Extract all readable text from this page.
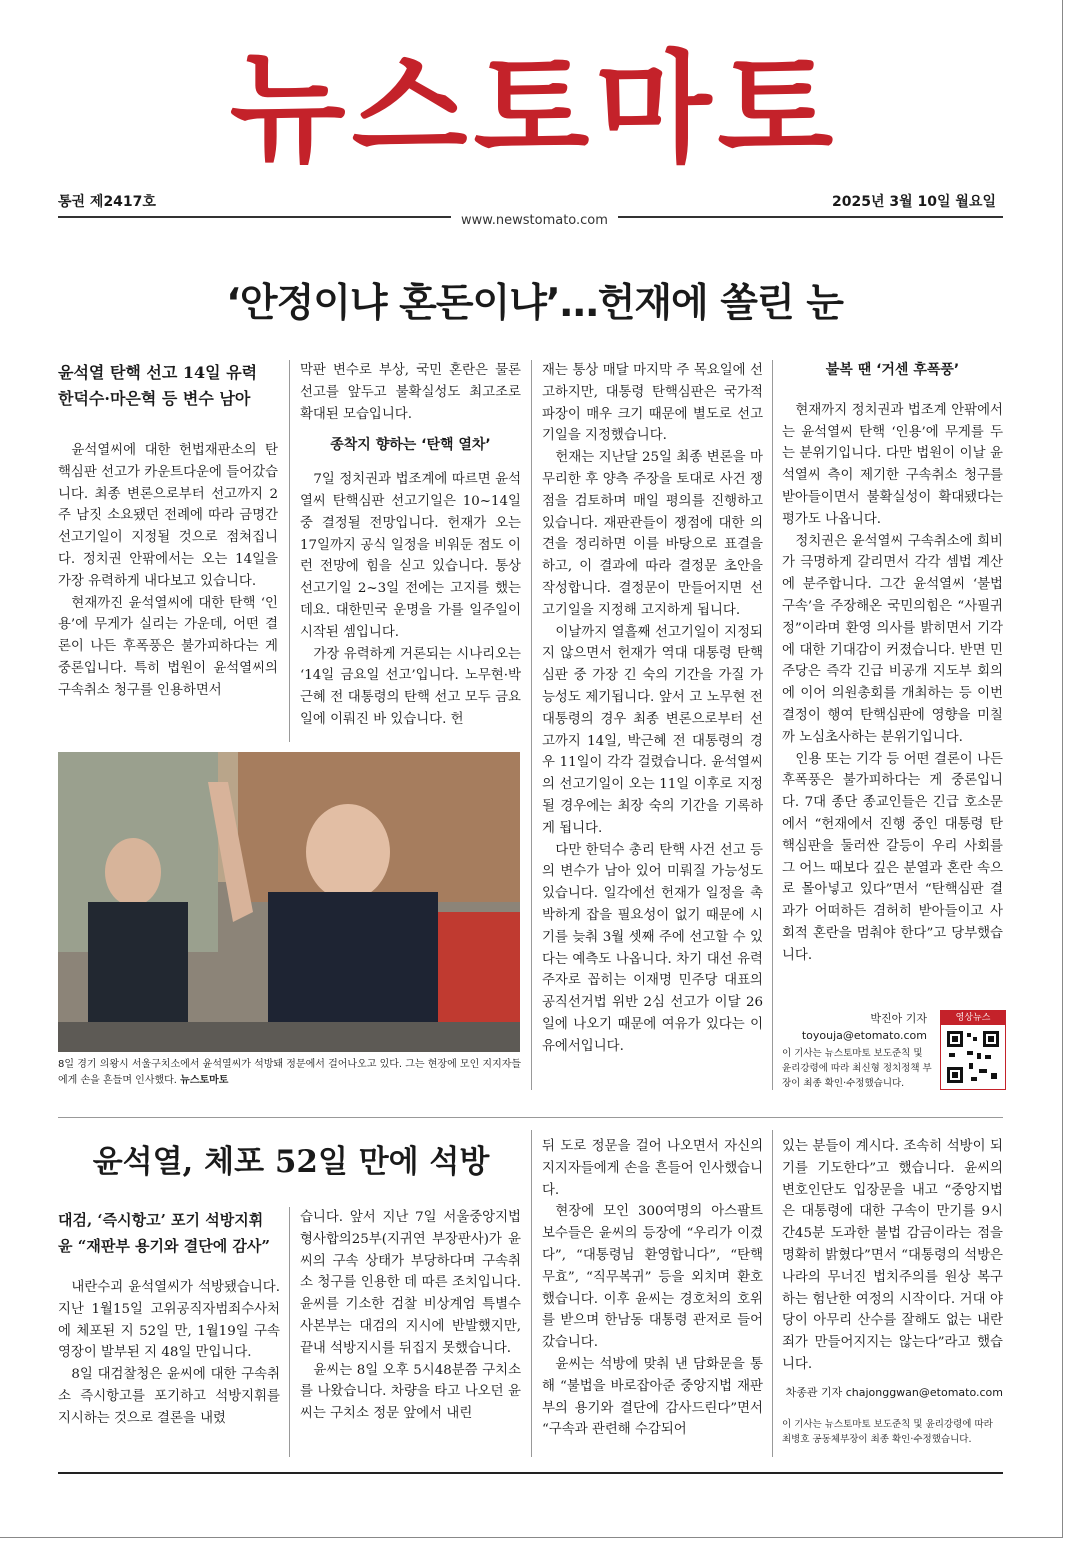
뉴스토마토
통권 제2417호	2025년 3월 10일 월요일
www.newstomato.com
‘안정이냐 혼돈이냐’…헌재에 쏠린 눈
윤석열 탄핵 선고 14일 유력
한덕수·마은혁 등 변수 남아

윤석열씨에 대한 헌법재판소의 탄핵심판 선고가 카운트다운에 들어갔습니다. 최종 변론으로부터 선고까지 2주 남짓 소요됐던 전례에 따라 금명간 선고기일이 지정될 것으로 점쳐집니다. 정치권 안팎에서는 오는 14일을 가장 유력하게 내다보고 있습니다.

현재까진 윤석열씨에 대한 탄핵 ‘인용’에 무게가 실리는 가운데, 어떤 결론이 나든 후폭풍은 불가피하다는 게 중론입니다. 특히 법원이 윤석열씨의 구속취소 청구를 인용하면서

막판 변수로 부상, 국민 혼란은 물론 선고를 앞두고 불확실성도 최고조로 확대된 모습입니다.

종착지 향하는 ‘탄핵 열차’

7일 정치권과 법조계에 따르면 윤석열씨 탄핵심판 선고기일은 10~14일 중 결정될 전망입니다. 헌재가 오는 17일까지 공식 일정을 비워둔 점도 이런 전망에 힘을 싣고 있습니다. 통상 선고기일 2~3일 전에는 고지를 했는데요. 대한민국 운명을 가를 일주일이 시작된 셈입니다.

가장 유력하게 거론되는 시나리오는 ‘14일 금요일 선고’입니다. 노무현·박근혜 전 대통령의 탄핵 선고 모두 금요일에 이뤄진 바 있습니다. 헌

8일 경기 의왕시 서울구치소에서 윤석열씨가 석방돼 정문에서 걸어나오고 있다. 그는 현장에 모인 지지자들에게 손을 흔들며 인사했다. 뉴스토마토

재는 통상 매달 마지막 주 목요일에 선고하지만, 대통령 탄핵심판은 국가적 파장이 매우 크기 때문에 별도로 선고기일을 지정했습니다.

헌재는 지난달 25일 최종 변론을 마무리한 후 양측 주장을 토대로 사건 쟁점을 검토하며 매일 평의를 진행하고 있습니다. 재판관들이 쟁점에 대한 의견을 정리하면 이를 바탕으로 표결을 하고, 이 결과에 따라 결정문 초안을 작성합니다. 결정문이 만들어지면 선고기일을 지정해 고지하게 됩니다.

이날까지 열흘째 선고기일이 지정되지 않으면서 헌재가 역대 대통령 탄핵심판 중 가장 긴 숙의 기간을 가질 가능성도 제기됩니다. 앞서 고 노무현 전 대통령의 경우 최종 변론으로부터 선고까지 14일, 박근혜 전 대통령의 경우 11일이 각각 걸렸습니다. 윤석열씨의 선고기일이 오는 11일 이후로 지정될 경우에는 최장 숙의 기간을 기록하게 됩니다.

다만 한덕수 총리 탄핵 사건 선고 등의 변수가 남아 있어 미뤄질 가능성도 있습니다. 일각에선 헌재가 일정을 촉박하게 잡을 필요성이 없기 때문에 시기를 늦춰 3월 셋째 주에 선고할 수 있다는 예측도 나옵니다. 차기 대선 유력 주자로 꼽히는 이재명 민주당 대표의 공직선거법 위반 2심 선고가 이달 26일에 나오기 때문에 여유가 있다는 이유에서입니다.

불복 땐 ‘거센 후폭풍’

현재까지 정치권과 법조계 안팎에서는 윤석열씨 탄핵 ‘인용’에 무게를 두는 분위기입니다. 다만 법원이 이날 윤석열씨 측이 제기한 구속취소 청구를 받아들이면서 불확실성이 확대됐다는 평가도 나옵니다.

정치권은 윤석열씨 구속취소에 희비가 극명하게 갈리면서 각각 셈법 계산에 분주합니다. 그간 윤석열씨 ‘불법 구속’을 주장해온 국민의힘은 “사필귀정”이라며 환영 의사를 밝히면서 기각에 대한 기대감이 커졌습니다. 반면 민주당은 즉각 긴급 비공개 지도부 회의에 이어 의원총회를 개최하는 등 이번 결정이 행여 탄핵심판에 영향을 미칠까 노심초사하는 분위기입니다.

인용 또는 기각 등 어떤 결론이 나든 후폭풍은 불가피하다는 게 중론입니다. 7대 종단 종교인들은 긴급 호소문에서 “헌재에서 진행 중인 대통령 탄핵심판을 둘러싼 갈등이 우리 사회를 그 어느 때보다 깊은 분열과 혼란 속으로 몰아넣고 있다”면서 “탄핵심판 결과가 어떠하든 겸허히 받아들이고 사회적 혼란을 멈춰야 한다”고 당부했습니다.

박진아 기자
toyouja@etomato.com
이 기사는 뉴스토마토 보도준칙 및 윤리강령에 따라 최신형 정치정책 부장이 최종 확인·수정했습니다.
영상뉴스
윤석열, 체포 52일 만에 석방
대검, ‘즉시항고’ 포기 석방지휘
윤 “재판부 용기와 결단에 감사”

내란수괴 윤석열씨가 석방됐습니다. 지난 1월15일 고위공직자범죄수사처에 체포된 지 52일 만, 1월19일 구속영장이 발부된 지 48일 만입니다.

8일 대검찰청은 윤씨에 대한 구속취소 즉시항고를 포기하고 석방지휘를 지시하는 것으로 결론을 내렸

습니다. 앞서 지난 7일 서울중앙지법 형사합의25부(지귀연 부장판사)가 윤씨의 구속 상태가 부당하다며 구속취소 청구를 인용한 데 따른 조치입니다. 윤씨를 기소한 검찰 비상계엄 특별수사본부는 대검의 지시에 반발했지만, 끝내 석방지시를 뒤집지 못했습니다.

윤씨는 8일 오후 5시48분쯤 구치소를 나왔습니다. 차량을 타고 나오던 윤씨는 구치소 정문 앞에서 내린

뒤 도로 정문을 걸어 나오면서 자신의 지지자들에게 손을 흔들어 인사했습니다.

현장에 모인 300여명의 아스팔트 보수들은 윤씨의 등장에 “우리가 이겼다”, “대통령님 환영합니다”, “탄핵 무효”, “직무복귀” 등을 외치며 환호했습니다. 이후 윤씨는 경호처의 호위를 받으며 한남동 대통령 관저로 들어갔습니다.

윤씨는 석방에 맞춰 낸 담화문을 통해 “불법을 바로잡아준 중앙지법 재판부의 용기와 결단에 감사드린다”면서 “구속과 관련해 수감되어

있는 분들이 계시다. 조속히 석방이 되기를 기도한다”고 했습니다. 윤씨의 변호인단도 입장문을 내고 “중앙지법은 대통령에 대한 구속이 만기를 9시간45분 도과한 불법 감금이라는 점을 명확히 밝혔다”면서 “대통령의 석방은 나라의 무너진 법치주의를 원상 복구하는 험난한 여정의 시작이다. 거대 야당이 아무리 산수를 잘해도 없는 내란죄가 만들어지지는 않는다”라고 했습니다.

차종관 기자 chajonggwan@etomato.com
이 기사는 뉴스토마토 보도준칙 및 윤리강령에 따라 최병호 공동체부장이 최종 확인·수정했습니다.
